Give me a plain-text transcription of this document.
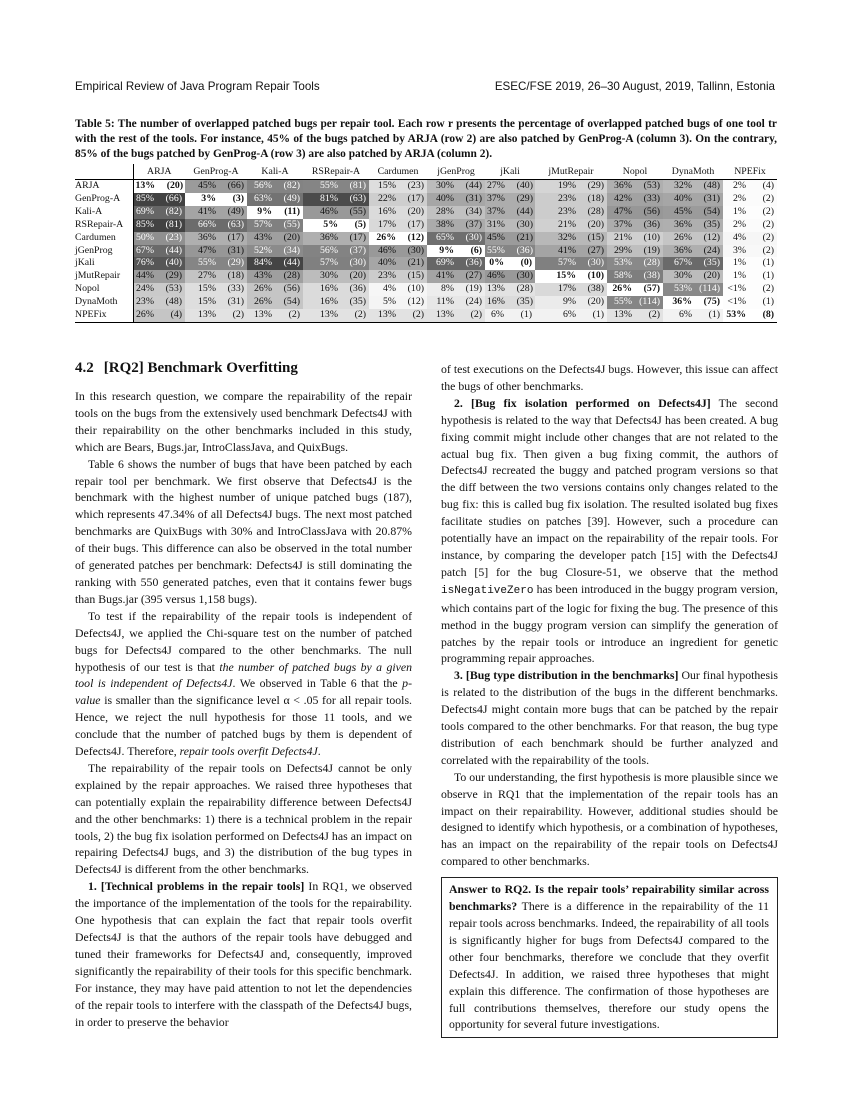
Empirical Review of Java Program Repair Tools	ESEC/FSE 2019, 26–30 August, 2019, Tallinn, Estonia
Table 5: The number of overlapped patched bugs per repair tool. Each row r presents the percentage of overlapped patched bugs of one tool tr with the rest of the tools. For instance, 45% of the bugs patched by ARJA (row 2) are also patched by GenProg-A (column 3). On the contrary, 85% of the bugs patched by GenProg-A (row 3) are also patched by ARJA (column 2).
	ARJA	GenProg-A	Kali-A	RSRepair-A	Cardumen	jGenProg	jKali	jMutRepair	Nopol	DynaMoth	NPEFix
ARJA	13% (20)	45% (66)	56% (82)	55% (81)	15% (23)	30% (44)	27% (40)	19% (29)	36% (53)	32% (48)	2% (4)
GenProg-A	85% (66)	3% (3)	63% (49)	81% (63)	22% (17)	40% (31)	37% (29)	23% (18)	42% (33)	40% (31)	2% (2)
Kali-A	69% (82)	41% (49)	9% (11)	46% (55)	16% (20)	28% (34)	37% (44)	23% (28)	47% (56)	45% (54)	1% (2)
RSRepair-A	85% (81)	66% (63)	57% (55)	5% (5)	17% (17)	38% (37)	31% (30)	21% (20)	37% (36)	36% (35)	2% (2)
Cardumen	50% (23)	36% (17)	43% (20)	36% (17)	26% (12)	65% (30)	45% (21)	32% (15)	21% (10)	26% (12)	4% (2)
jGenProg	67% (44)	47% (31)	52% (34)	56% (37)	46% (30)	9% (6)	55% (36)	41% (27)	29% (19)	36% (24)	3% (2)
jKali	76% (40)	55% (29)	84% (44)	57% (30)	40% (21)	69% (36)	0% (0)	57% (30)	53% (28)	67% (35)	1% (1)
jMutRepair	44% (29)	27% (18)	43% (28)	30% (20)	23% (15)	41% (27)	46% (30)	15% (10)	58% (38)	30% (20)	1% (1)
Nopol	24% (53)	15% (33)	26% (56)	16% (36)	4% (10)	8% (19)	13% (28)	17% (38)	26% (57)	53% (114)	<1% (2)
DynaMoth	23% (48)	15% (31)	26% (54)	16% (35)	5% (12)	11% (24)	16% (35)	9% (20)	55% (114)	36% (75)	<1% (1)
NPEFix	26% (4)	13% (2)	13% (2)	13% (2)	13% (2)	13% (2)	6% (1)	6% (1)	13% (2)	6% (1)	53% (8)
4.2 [RQ2] Benchmark Overfitting

In this research question, we compare the repairability of the repair tools on the bugs from the extensively used benchmark Defects4J with their repairability on the other benchmarks included in this study, which are Bears, Bugs.jar, IntroClassJava, and QuixBugs.

Table 6 shows the number of bugs that have been patched by each repair tool per benchmark. We first observe that Defects4J is the benchmark with the highest number of unique patched bugs (187), which represents 47.34% of all Defects4J bugs. The next most patched benchmarks are QuixBugs with 30% and IntroClassJava with 20.87% of their bugs. This difference can also be observed in the total number of generated patches per benchmark: Defects4J is still dominating the ranking with 550 generated patches, even that it contains fewer bugs than Bugs.jar (395 versus 1,158 bugs).

To test if the repairability of the repair tools is independent of Defects4J, we applied the Chi-square test on the number of patched bugs for Defects4J compared to the other benchmarks. The null hypothesis of our test is that the number of patched bugs by a given tool is independent of Defects4J. We observed in Table 6 that the p-value is smaller than the significance level α < .05 for all repair tools. Hence, we reject the null hypothesis for those 11 tools, and we conclude that the number of patched bugs by them is dependent of Defects4J. Therefore, repair tools overfit Defects4J.

The repairability of the repair tools on Defects4J cannot be only explained by the repair approaches. We raised three hypotheses that can potentially explain the repairability difference between Defects4J and the other benchmarks: 1) there is a technical problem in the repair tools, 2) the bug fix isolation performed on Defects4J has an impact on repairing Defects4J bugs, and 3) the distribution of the bug types in Defects4J is different from the other benchmarks.

1. [Technical problems in the repair tools] In RQ1, we observed the importance of the implementation of the tools for the repairability. One hypothesis that can explain the fact that repair tools overfit Defects4J is that the authors of the repair tools have debugged and tuned their frameworks for Defects4J and, consequently, improved significantly the repairability of their tools for this specific benchmark. For instance, they may have paid attention to not let the dependencies of the repair tools to interfere with the classpath of the Defects4J bugs, in order to preserve the behavior

of test executions on the Defects4J bugs. However, this issue can affect the bugs of other benchmarks.

2. [Bug fix isolation performed on Defects4J] The second hypothesis is related to the way that Defects4J has been created. A bug fixing commit might include other changes that are not related to the actual bug fix. Then given a bug fixing commit, the authors of Defects4J recreated the buggy and patched program versions so that the diff between the two versions contains only changes related to the bug fix: this is called bug fix isolation. The resulted isolated bug fixes facilitate studies on patches [39]. However, such a procedure can potentially have an impact on the repairability of the repair tools. For instance, by comparing the developer patch [15] with the Defects4J patch [5] for the bug Closure-51, we observe that the method isNegativeZero has been introduced in the buggy program version, which contains part of the logic for fixing the bug. The presence of this method in the buggy program version can simplify the generation of patches by the repair tools or introduce an ingredient for genetic programming repair approaches.

3. [Bug type distribution in the benchmarks] Our final hypothesis is related to the distribution of the bugs in the different benchmarks. Defects4J might contain more bugs that can be patched by the repair tools compared to the other benchmarks. For that reason, the bug type distribution of each benchmark should be further analyzed and correlated with the repairability of the tools.

To our understanding, the first hypothesis is more plausible since we observe in RQ1 that the implementation of the repair tools has an impact on their repairability. However, additional studies should be designed to identify which hypothesis, or a combination of hypotheses, has an impact on the repairability of the repair tools on Defects4J compared to other benchmarks.

Answer to RQ2. Is the repair tools’ repairability similar across benchmarks? There is a difference in the repairability of the 11 repair tools across benchmarks. Indeed, the repairability of all tools is significantly higher for bugs from Defects4J compared to the other four benchmarks, therefore we conclude that they overfit Defects4J. In addition, we raised three hypotheses that might explain this difference. The confirmation of those hypotheses are full contributions themselves, therefore our study opens the opportunity for several future investigations.
